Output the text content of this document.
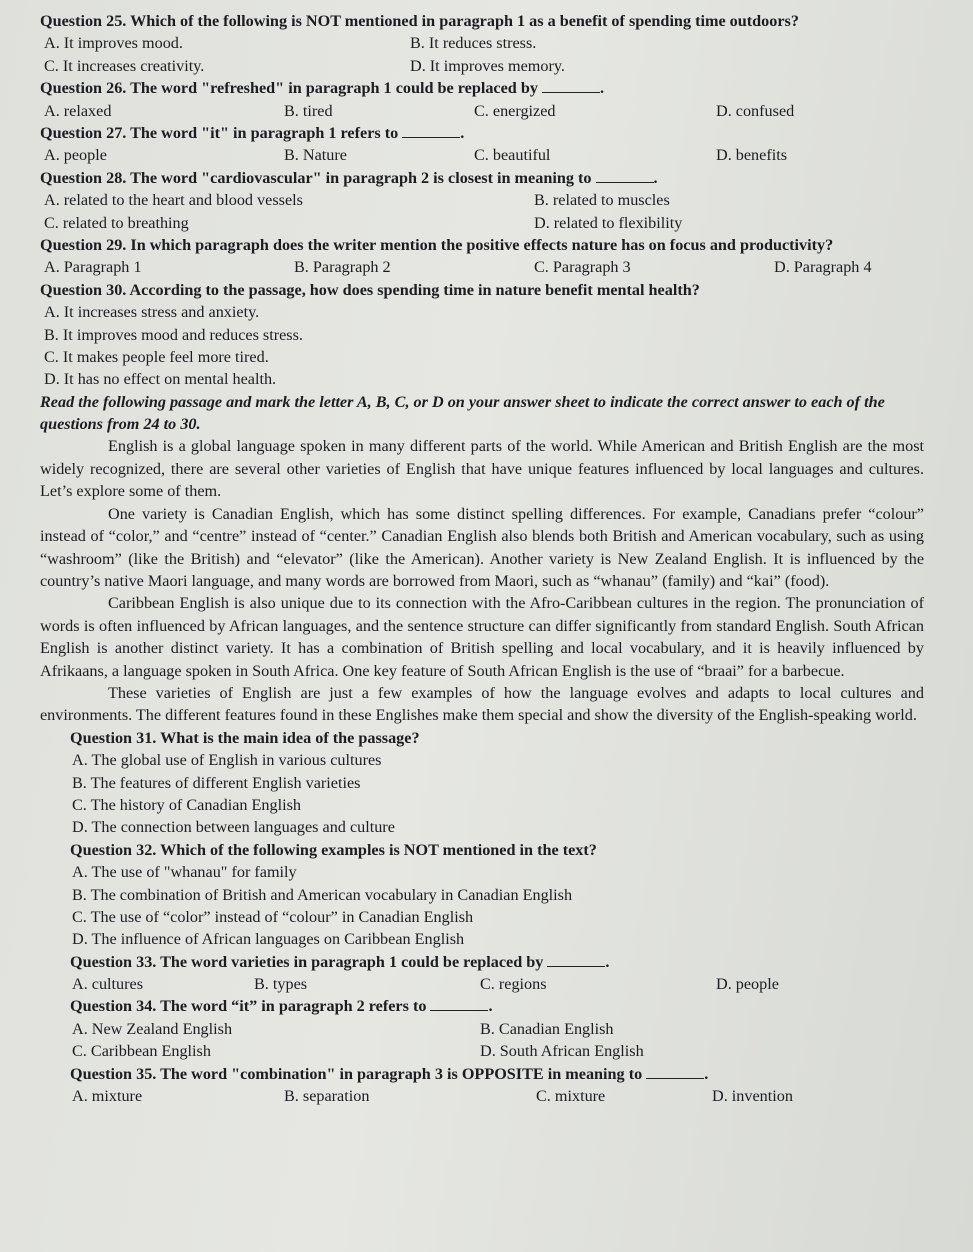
Question 25. Which of the following is NOT mentioned in paragraph 1 as a benefit of spending time outdoors?
A. It improves mood.	B. It reduces stress.
C. It increases creativity.	D. It improves memory.
Question 26. The word "refreshed" in paragraph 1 could be replaced by	.
A. relaxed	B. tired	C. energized	D. confused
Question 27. The word "it" in paragraph 1 refers to	.
A. people	B. Nature	C. beautiful	D. benefits
Question 28. The word "cardiovascular" in paragraph 2 is closest in meaning to	.
A. related to the heart and blood vessels	B. related to muscles
C. related to breathing	D. related to flexibility
Question 29. In which paragraph does the writer mention the positive effects nature has on focus and productivity?
A. Paragraph 1	B. Paragraph 2	C. Paragraph 3	D. Paragraph 4
Question 30. According to the passage, how does spending time in nature benefit mental health?
A. It increases stress and anxiety.
B. It improves mood and reduces stress.
C. It makes people feel more tired.
D. It has no effect on mental health.
Read the following passage and mark the letter A, B, C, or D on your answer sheet to indicate the correct answer to each of the questions from 24 to 30.
English is a global language spoken in many different parts of the world. While American and British English are the most widely recognized, there are several other varieties of English that have unique features influenced by local languages and cultures. Let’s explore some of them.
One variety is Canadian English, which has some distinct spelling differences. For example, Canadians prefer “colour” instead of “color,” and “centre” instead of “center.” Canadian English also blends both British and American vocabulary, such as using “washroom” (like the British) and “elevator” (like the American). Another variety is New Zealand English. It is influenced by the country’s native Maori language, and many words are borrowed from Maori, such as “whanau” (family) and “kai” (food).
Caribbean English is also unique due to its connection with the Afro-Caribbean cultures in the region. The pronunciation of words is often influenced by African languages, and the sentence structure can differ significantly from standard English. South African English is another distinct variety. It has a combination of British spelling and local vocabulary, and it is heavily influenced by Afrikaans, a language spoken in South Africa. One key feature of South African English is the use of “braai” for a barbecue.
These varieties of English are just a few examples of how the language evolves and adapts to local cultures and environments. The different features found in these Englishes make them special and show the diversity of the English-speaking world.
Question 31. What is the main idea of the passage?
A. The global use of English in various cultures
B. The features of different English varieties
C. The history of Canadian English
D. The connection between languages and culture
Question 32. Which of the following examples is NOT mentioned in the text?
A. The use of "whanau" for family
B. The combination of British and American vocabulary in Canadian English
C. The use of “color” instead of “colour” in Canadian English
D. The influence of African languages on Caribbean English
Question 33. The word varieties in paragraph 1 could be replaced by	.
A. cultures	B. types	C. regions	D. people
Question 34. The word “it” in paragraph 2 refers to	.
A. New Zealand English	B. Canadian English
C. Caribbean English	D. South African English
Question 35. The word "combination" in paragraph 3 is OPPOSITE in meaning to	.
A. mixture	B. separation	C. mixture	D. invention
